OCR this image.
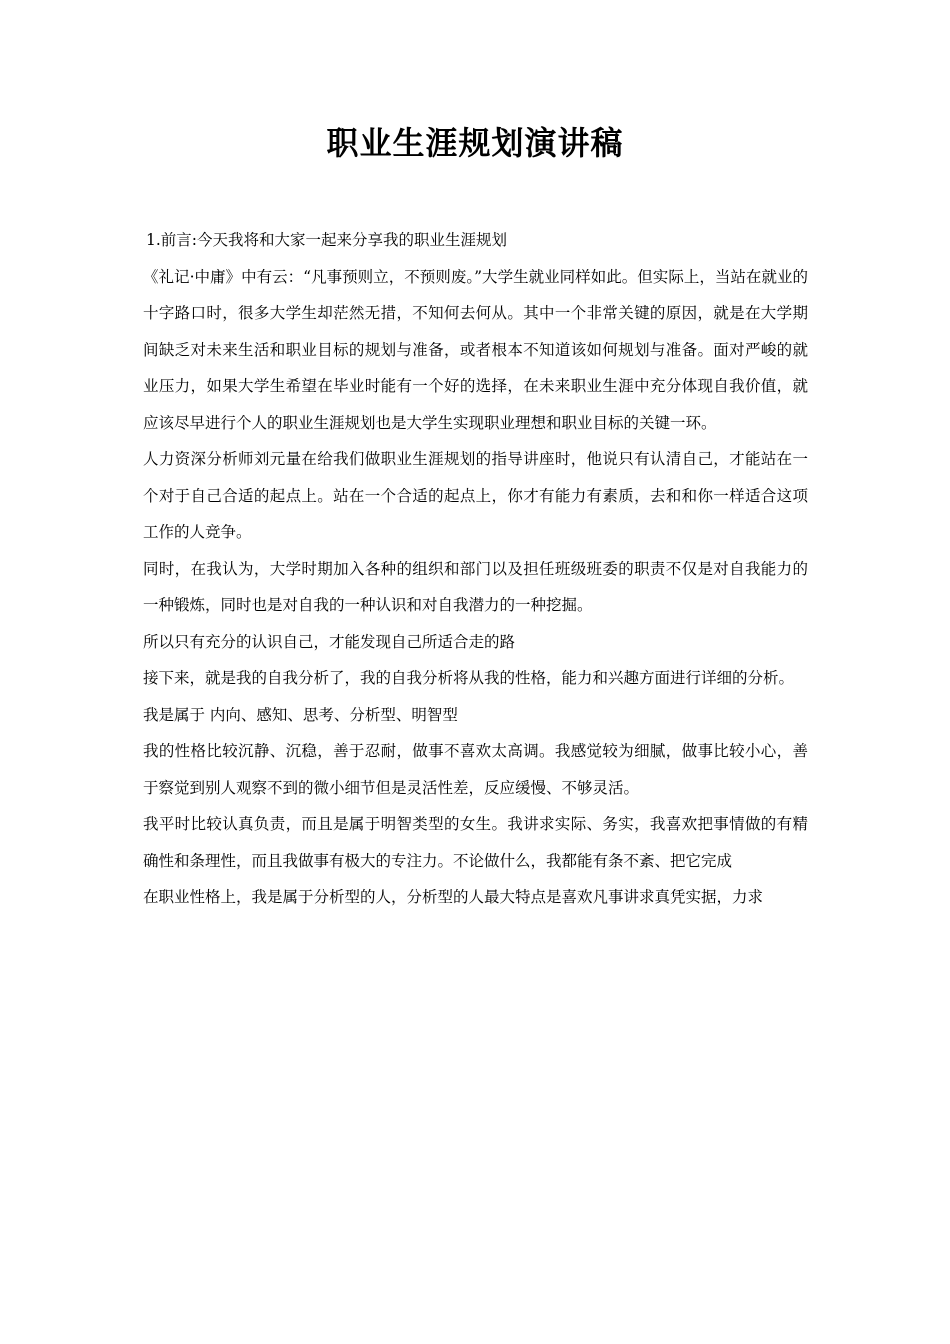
职业生涯规划演讲稿

1.前言:今天我将和大家一起来分享我的职业生涯规划

《礼记·中庸》中有云：“凡事预则立，不预则废。”大学生就业同样如此。但实际上，当站在就业的十字路口时，很多大学生却茫然无措，不知何去何从。其中一个非常关键的原因，就是在大学期间缺乏对未来生活和职业目标的规划与准备，或者根本不知道该如何规划与准备。面对严峻的就业压力，如果大学生希望在毕业时能有一个好的选择，在未来职业生涯中充分体现自我价值，就应该尽早进行个人的职业生涯规划也是大学生实现职业理想和职业目标的关键一环。

人力资深分析师刘元量在给我们做职业生涯规划的指导讲座时，他说只有认清自己，才能站在一个对于自己合适的起点上。站在一个合适的起点上，你才有能力有素质，去和和你一样适合这项工作的人竞争。

同时，在我认为，大学时期加入各种的组织和部门以及担任班级班委的职责不仅是对自我能力的一种锻炼，同时也是对自我的一种认识和对自我潜力的一种挖掘。

所以只有充分的认识自己，才能发现自己所适合走的路

接下来，就是我的自我分析了，我的自我分析将从我的性格，能力和兴趣方面进行详细的分析。

我是属于 内向、感知、思考、分析型、明智型

我的性格比较沉静、沉稳，善于忍耐，做事不喜欢太高调。我感觉较为细腻，做事比较小心，善于察觉到别人观察不到的微小细节但是灵活性差，反应缓慢、不够灵活。

我平时比较认真负责，而且是属于明智类型的女生。我讲求实际、务实，我喜欢把事情做的有精确性和条理性，而且我做事有极大的专注力。不论做什么，我都能有条不紊、把它完成

在职业性格上，我是属于分析型的人，分析型的人最大特点是喜欢凡事讲求真凭实据，力求
